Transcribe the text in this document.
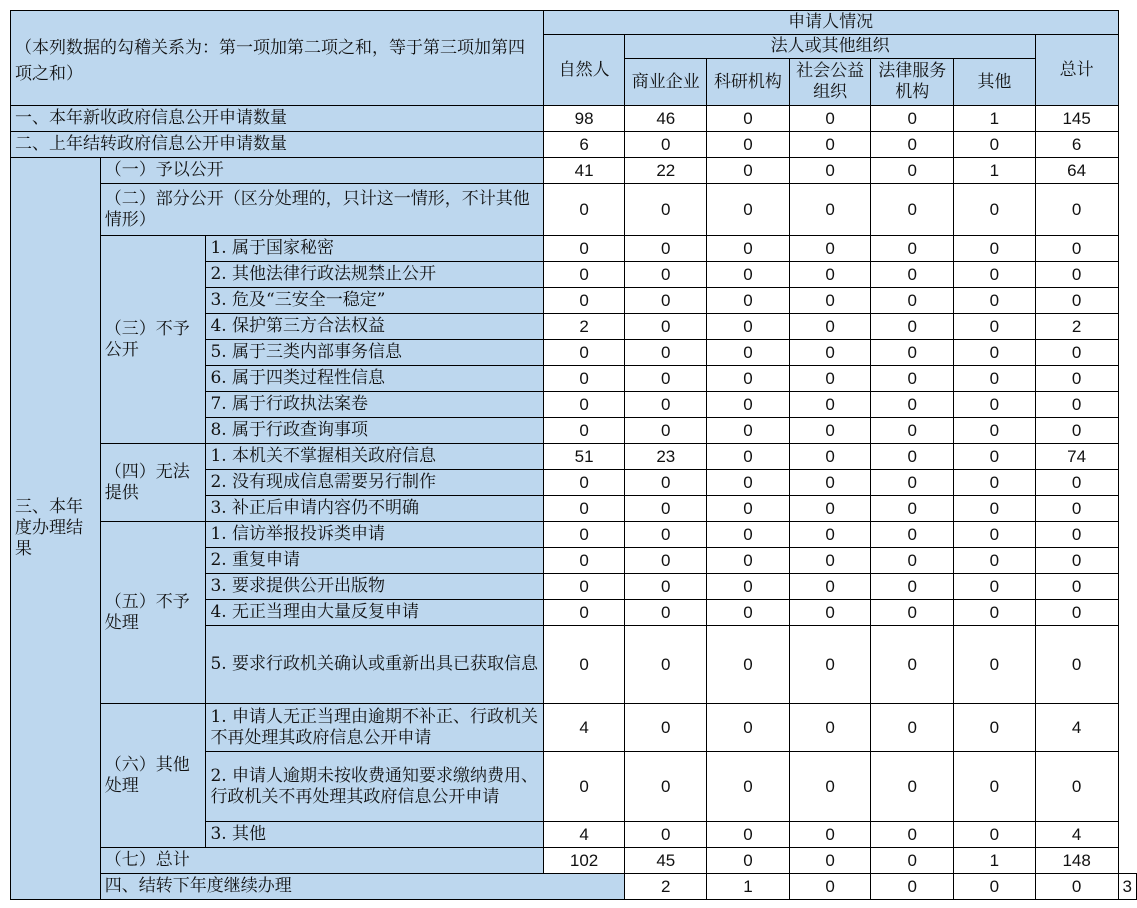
（本列数据的勾稽关系为：第一项加第二项之和，等于第三项加第四项之和）			申请人情况							
			自然人	法人或其他组织					总计	
				商业企业	科研机构	社会公益组织	法律服务机构	其他		
一、本年新收政府信息公开申请数量			98	46	0	0	0	1	145	
二、上年结转政府信息公开申请数量			6	0	0	0	0	0	6	
三、本年度办理结果	（一）予以公开		41	22	0	0	0	1	64	
	（二）部分公开（区分处理的，只计这一情形，不计其他情形）		0	0	0	0	0	0	0	
	（三）不予公开	1. 属于国家秘密	0	0	0	0	0	0	0	
		2. 其他法律行政法规禁止公开	0	0	0	0	0	0	0	
		3. 危及“三安全一稳定”	0	0	0	0	0	0	0	
		4. 保护第三方合法权益	2	0	0	0	0	0	2	
		5. 属于三类内部事务信息	0	0	0	0	0	0	0	
		6. 属于四类过程性信息	0	0	0	0	0	0	0	
		7. 属于行政执法案卷	0	0	0	0	0	0	0	
		8. 属于行政查询事项	0	0	0	0	0	0	0	
	（四）无法提供	1. 本机关不掌握相关政府信息	51	23	0	0	0	0	74	
		2. 没有现成信息需要另行制作	0	0	0	0	0	0	0	
		3. 补正后申请内容仍不明确	0	0	0	0	0	0	0	
	（五）不予处理	1. 信访举报投诉类申请	0	0	0	0	0	0	0	
		2. 重复申请	0	0	0	0	0	0	0	
		3. 要求提供公开出版物	0	0	0	0	0	0	0	
		4. 无正当理由大量反复申请	0	0	0	0	0	0	0	
		5. 要求行政机关确认或重新出具已获取信息	0	0	0	0	0	0	0	
	（六）其他处理	1. 申请人无正当理由逾期不补正、行政机关不再处理其政府信息公开申请	4	0	0	0	0	0	4	
		2. 申请人逾期未按收费通知要求缴纳费用、行政机关不再处理其政府信息公开申请	0	0	0	0	0	0	0	
		3. 其他	4	0	0	0	0	0	4	
	（七）总计		102	45	0	0	0	1	148	
	四、结转下年度继续办理			2	1	0	0	0	0	3
